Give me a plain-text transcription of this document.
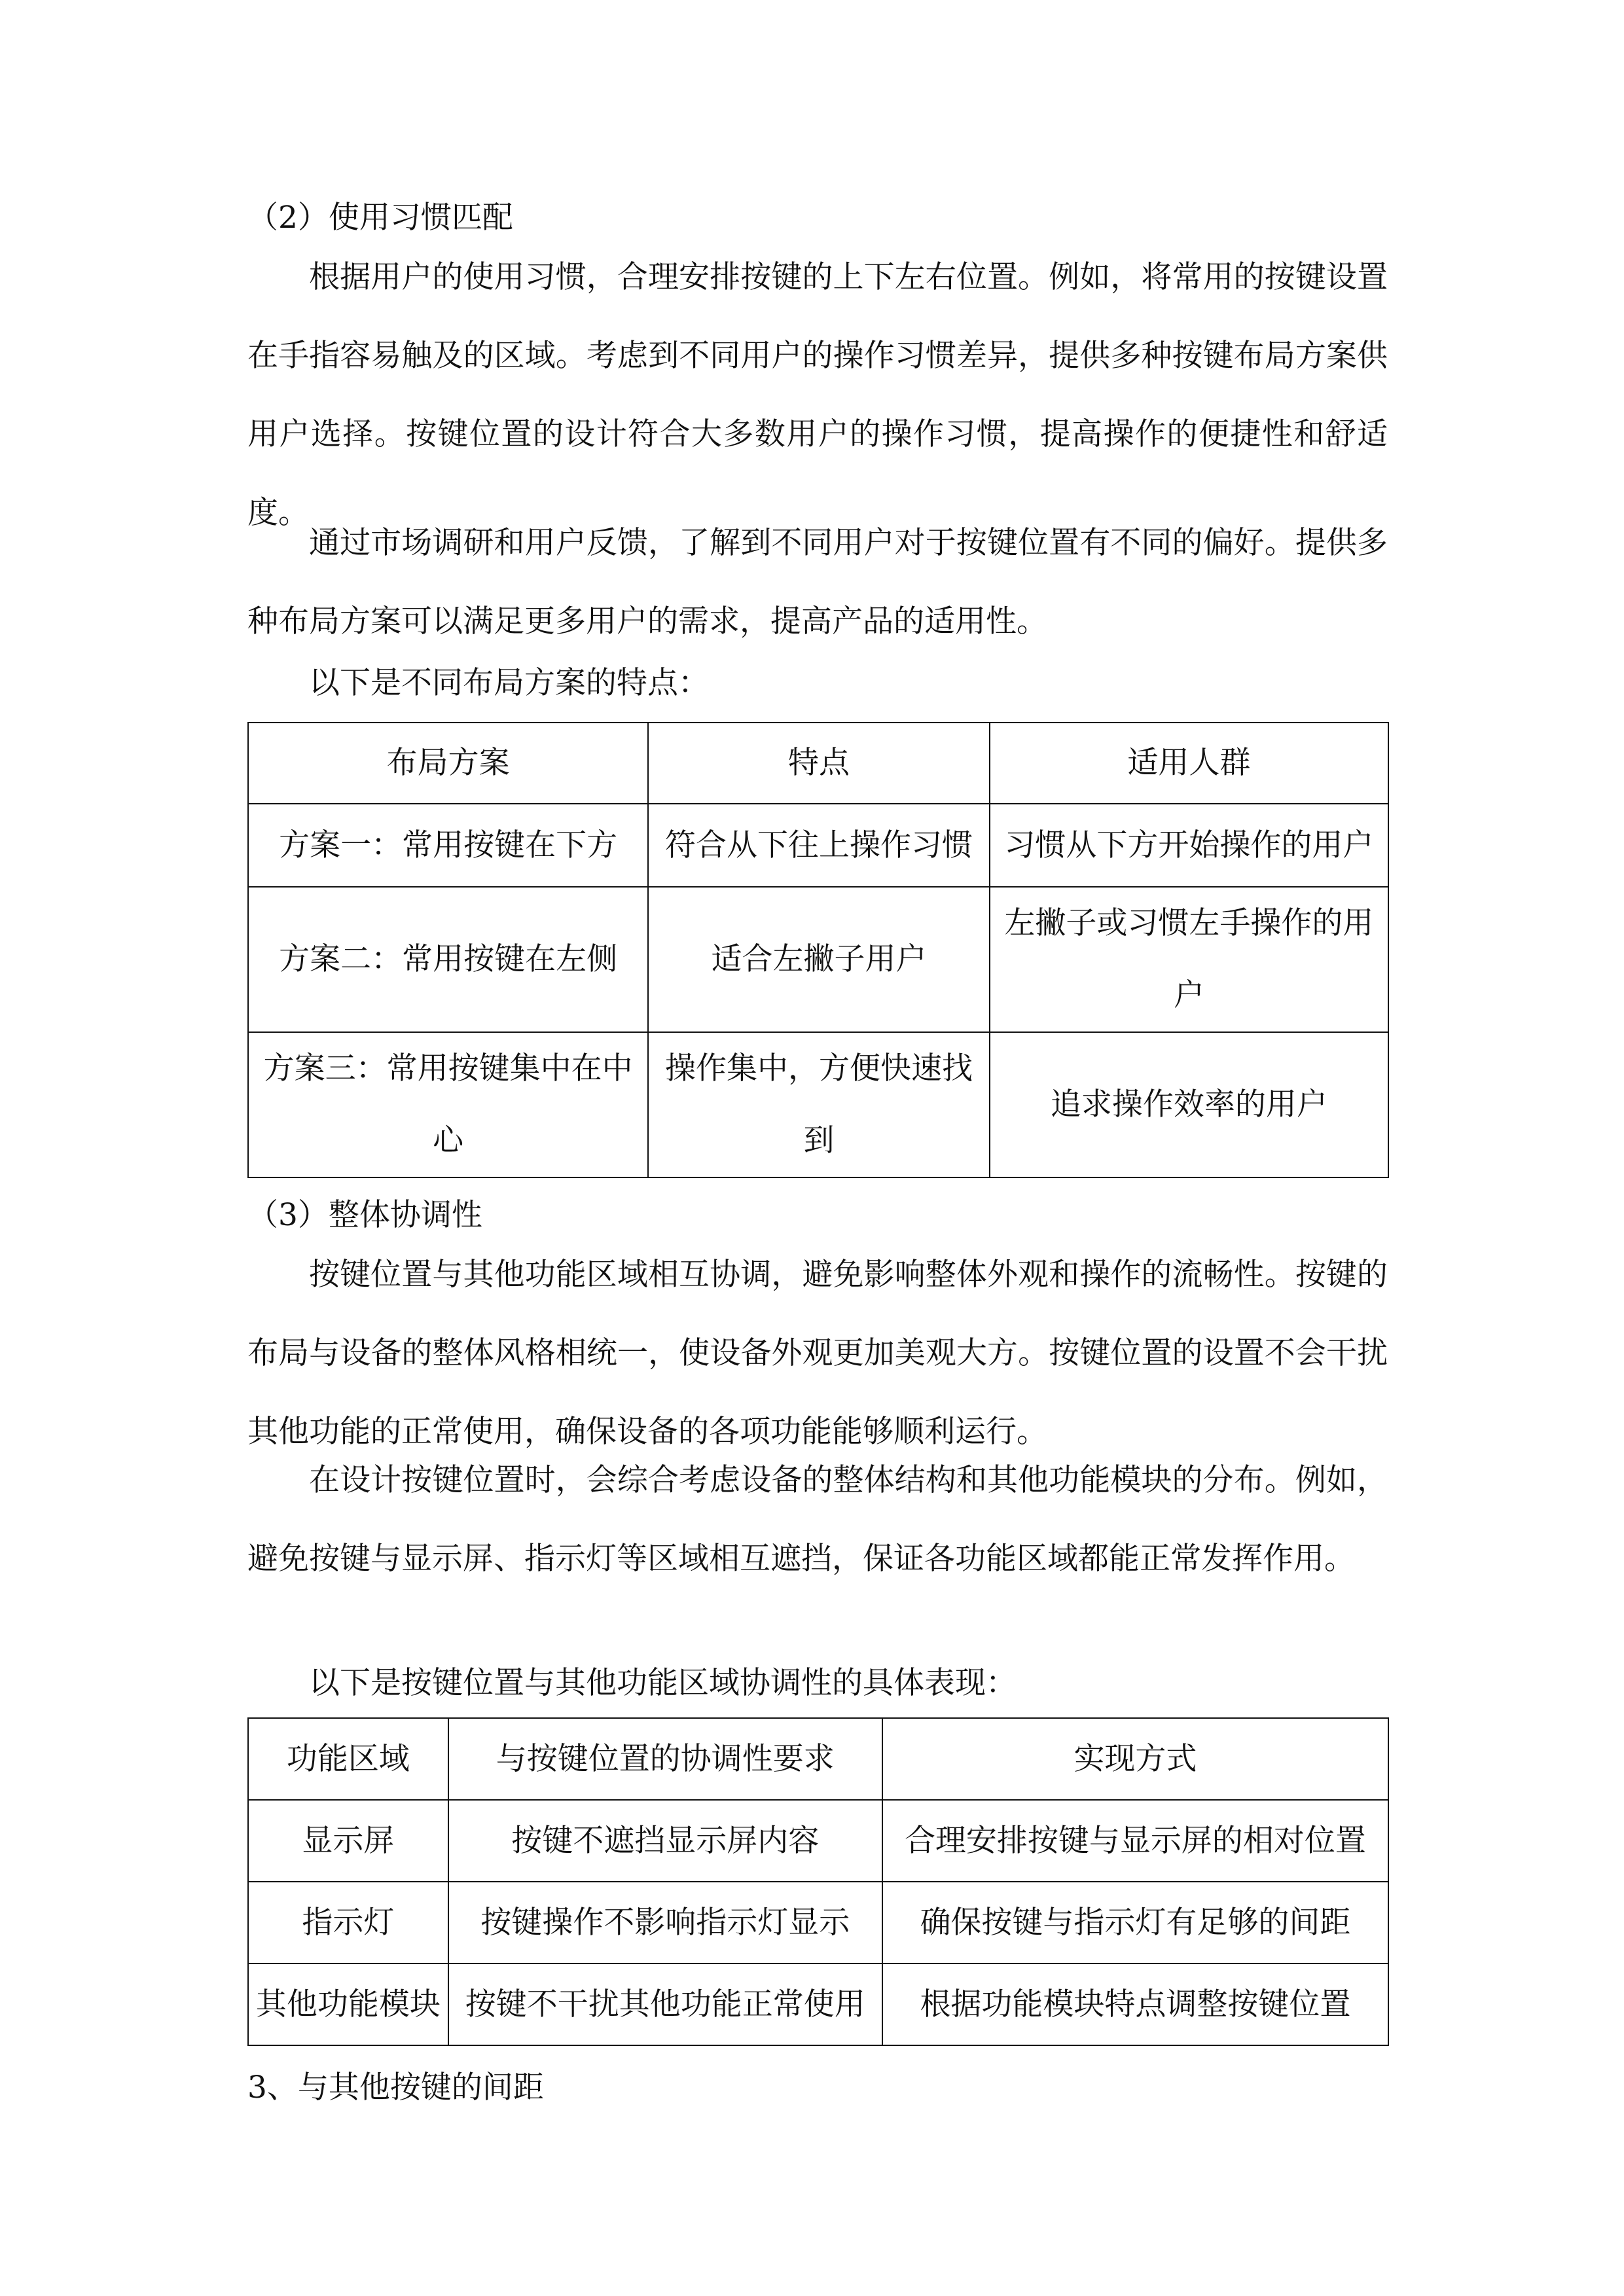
（2）使用习惯匹配

根据用户的使用习惯，合理安排按键的上下左右位置。例如，将常用的按键设置在手指容易触及的区域。考虑到不同用户的操作习惯差异，提供多种按键布局方案供用户选择。按键位置的设计符合大多数用户的操作习惯，提高操作的便捷性和舒适度。

通过市场调研和用户反馈，了解到不同用户对于按键位置有不同的偏好。提供多种布局方案可以满足更多用户的需求，提高产品的适用性。

以下是不同布局方案的特点：

布局方案	特点	适用人群
方案一：常用按键在下方	符合从下往上操作习惯	习惯从下方开始操作的用户
方案二：常用按键在左侧	适合左撇子用户	左撇子或习惯左手操作的用户
方案三：常用按键集中在中心	操作集中，方便快速找到	追求操作效率的用户
（3）整体协调性

按键位置与其他功能区域相互协调，避免影响整体外观和操作的流畅性。按键的布局与设备的整体风格相统一，使设备外观更加美观大方。按键位置的设置不会干扰其他功能的正常使用，确保设备的各项功能能够顺利运行。

在设计按键位置时，会综合考虑设备的整体结构和其他功能模块的分布。例如，避免按键与显示屏、指示灯等区域相互遮挡，保证各功能区域都能正常发挥作用。

以下是按键位置与其他功能区域协调性的具体表现：

功能区域	与按键位置的协调性要求	实现方式
显示屏	按键不遮挡显示屏内容	合理安排按键与显示屏的相对位置
指示灯	按键操作不影响指示灯显示	确保按键与指示灯有足够的间距
其他功能模块	按键不干扰其他功能正常使用	根据功能模块特点调整按键位置
3、与其他按键的间距
